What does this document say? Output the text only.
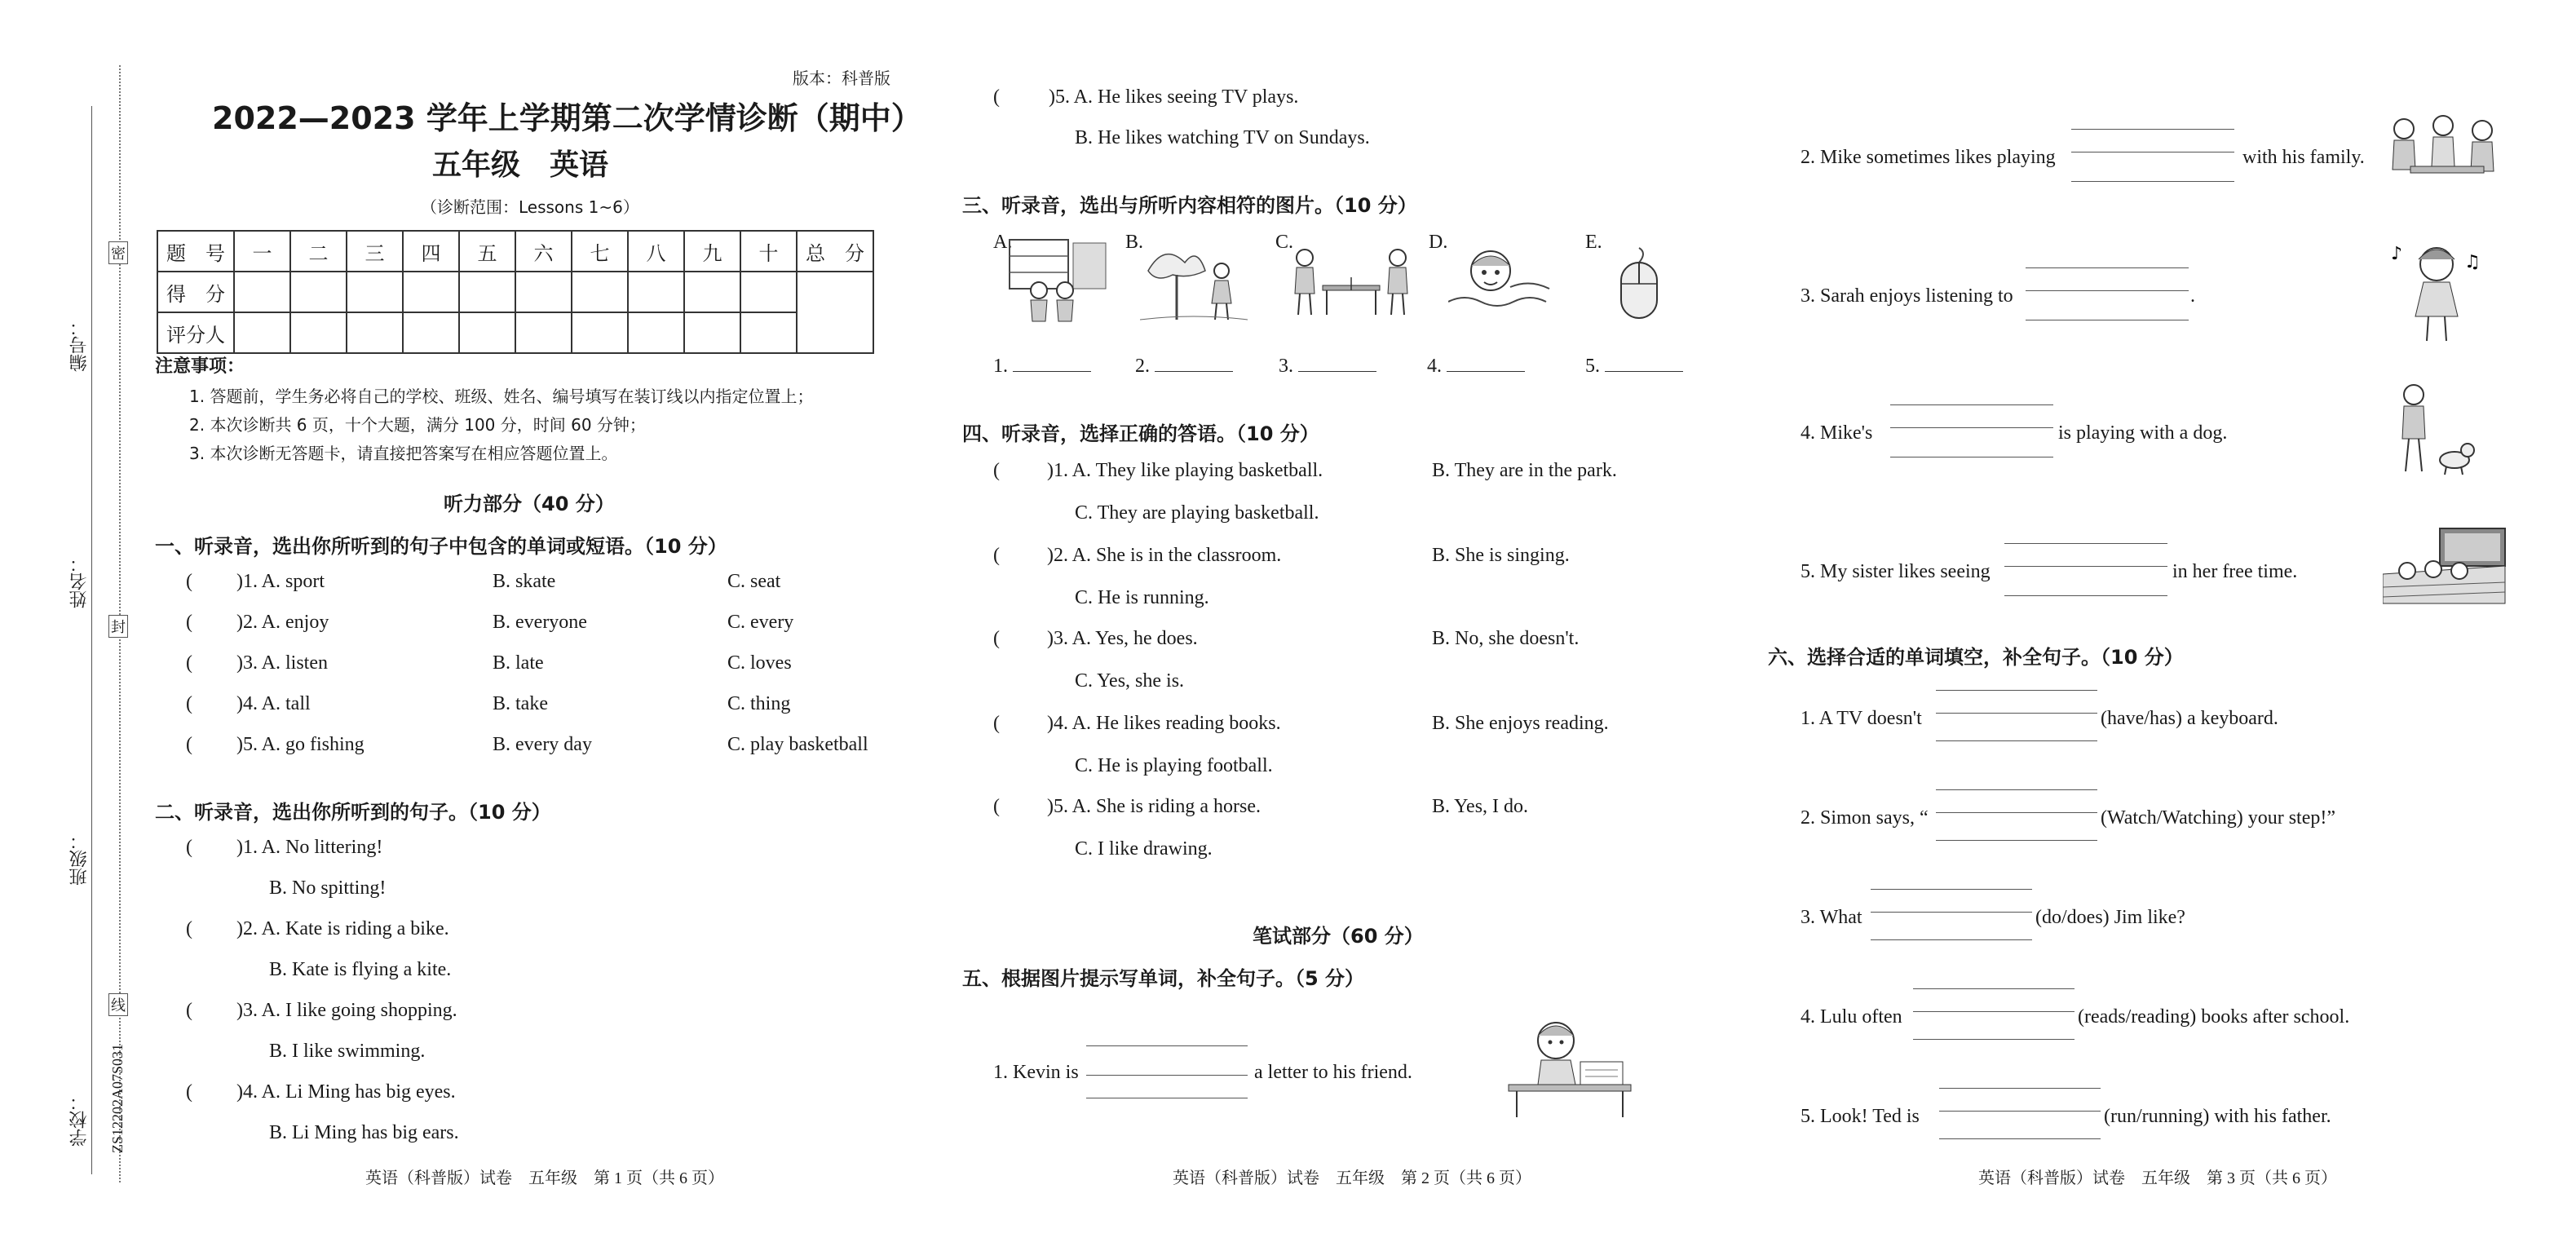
编号：
姓名：
班级：
学校：
密
封
线
ZS12202A07S031
版本：科普版
2022—2023 学年上学期第二次学情诊断（期中）
五年级　英语
（诊断范围：Lessons 1~6）
题　号	一	二	三	四	五	六	七	八	九	十	总　分
得　分											
评分人											
注意事项：
1. 答题前，学生务必将自己的学校、班级、姓名、编号填写在装订线以内指定位置上；
2. 本次诊断共 6 页，十个大题，满分 100 分，时间 60 分钟；
3. 本次诊断无答题卡，请直接把答案写在相应答题位置上。
听力部分（40 分）
一、听录音，选出你所听到的句子中包含的单词或短语。（10 分）
( )1. A. sport	B. skate	C. seat
( )2. A. enjoy	B. everyone	C. every
( )3. A. listen	B. late	C. loves
( )4. A. tall	B. take	C. thing
( )5. A. go fishing	B. every day	C. play basketball
二、听录音，选出你所听到的句子。（10 分）
( )1. A. No littering!
B. No spitting!
( )2. A. Kate is riding a bike.
B. Kate is flying a kite.
( )3. A. I like going shopping.
B. I like swimming.
( )4. A. Li Ming has big eyes.
B. Li Ming has big ears.
英语（科普版）试卷　五年级　第 1 页（共 6 页）
(	)5. A. He likes seeing TV plays.
B. He likes watching TV on Sundays.
三、听录音，选出与所听内容相符的图片。（10 分）
A.	B.	C.	D.	E.
1.	2.	3.	4.	5.
四、听录音，选择正确的答语。（10 分）
( )1. A. They like playing basketball.	B. They are in the park.
C. They are playing basketball.
( )2. A. She is in the classroom.	B. She is singing.
C. He is running.
( )3. A. Yes, he does.	B. No, she doesn't.
C. Yes, she is.
( )4. A. He likes reading books.	B. She enjoys reading.
C. He is playing football.
( )5. A. She is riding a horse.	B. Yes, I do.
C. I like drawing.
笔试部分（60 分）
五、根据图片提示写单词，补全句子。（5 分）
1. Kevin is	a letter to his friend.
英语（科普版）试卷　五年级　第 2 页（共 6 页）
2. Mike sometimes likes playing	with his family.
3. Sarah enjoys listening to	.
♪	♫
4. Mike's	is playing with a dog.
5. My sister likes seeing	in her free time.
六、选择合适的单词填空，补全句子。（10 分）
1. A TV doesn't	(have/has) a keyboard.
2. Simon says, “	(Watch/Watching) your step!”
3. What	(do/does) Jim like?
4. Lulu often	(reads/reading) books after school.
5. Look! Ted is	(run/running) with his father.
英语（科普版）试卷　五年级　第 3 页（共 6 页）
